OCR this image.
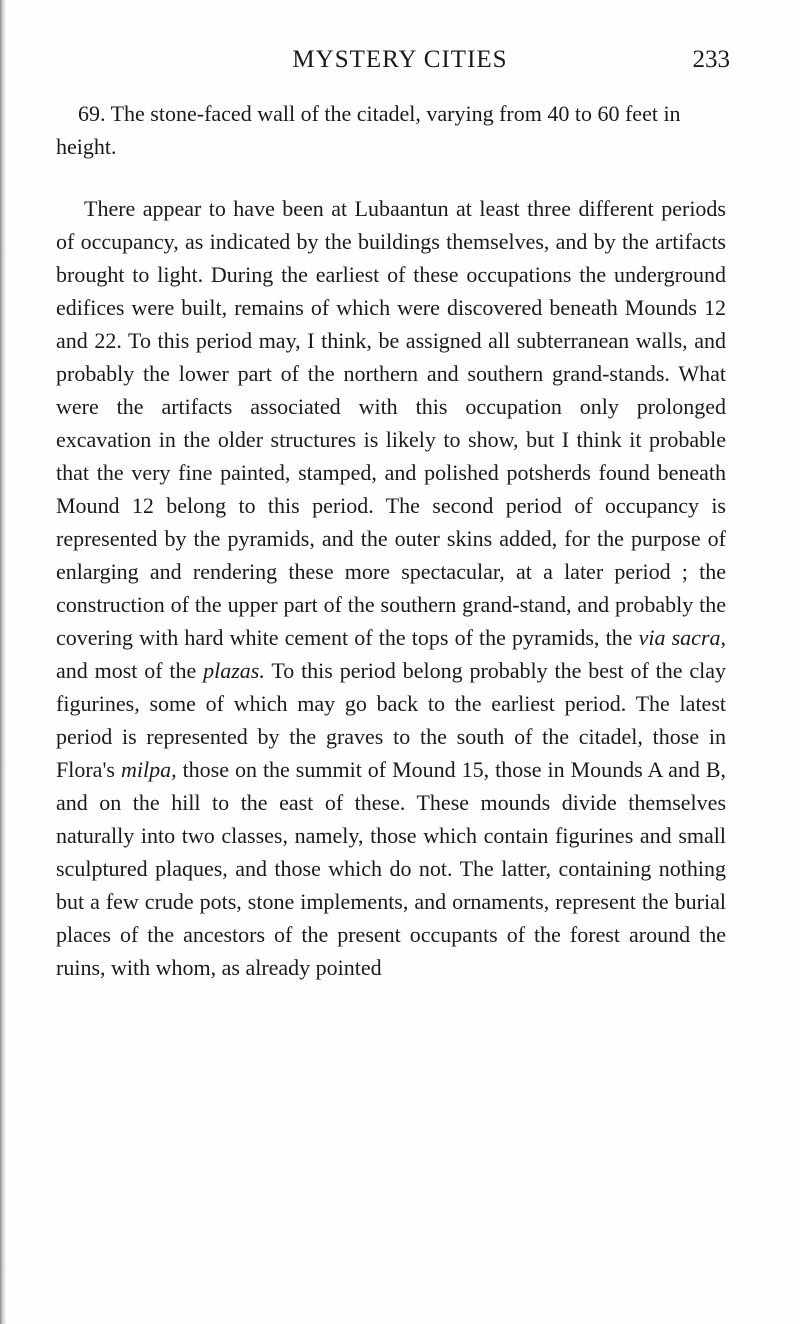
MYSTERY CITIES	233

69. The stone-faced wall of the citadel, varying from 40 to 60 feet in height.

There appear to have been at Lubaantun at least three different periods of occupancy, as indicated by the buildings themselves, and by the artifacts brought to light. During the earliest of these occupations the underground edifices were built, remains of which were discovered beneath Mounds 12 and 22. To this period may, I think, be assigned all subterranean walls, and probably the lower part of the northern and southern grand-stands. What were the artifacts associated with this occupation only prolonged excavation in the older structures is likely to show, but I think it probable that the very fine painted, stamped, and polished potsherds found beneath Mound 12 belong to this period. The second period of occupancy is represented by the pyramids, and the outer skins added, for the purpose of enlarging and rendering these more spectacular, at a later period ; the construction of the upper part of the southern grand-stand, and probably the covering with hard white cement of the tops of the pyramids, the via sacra, and most of the plazas. To this period belong probably the best of the clay figurines, some of which may go back to the earliest period. The latest period is represented by the graves to the south of the citadel, those in Flora's milpa, those on the summit of Mound 15, those in Mounds A and B, and on the hill to the east of these. These mounds divide themselves naturally into two classes, namely, those which contain figurines and small sculptured plaques, and those which do not. The latter, containing nothing but a few crude pots, stone implements, and ornaments, represent the burial places of the ancestors of the present occupants of the forest around the ruins, with whom, as already pointed
